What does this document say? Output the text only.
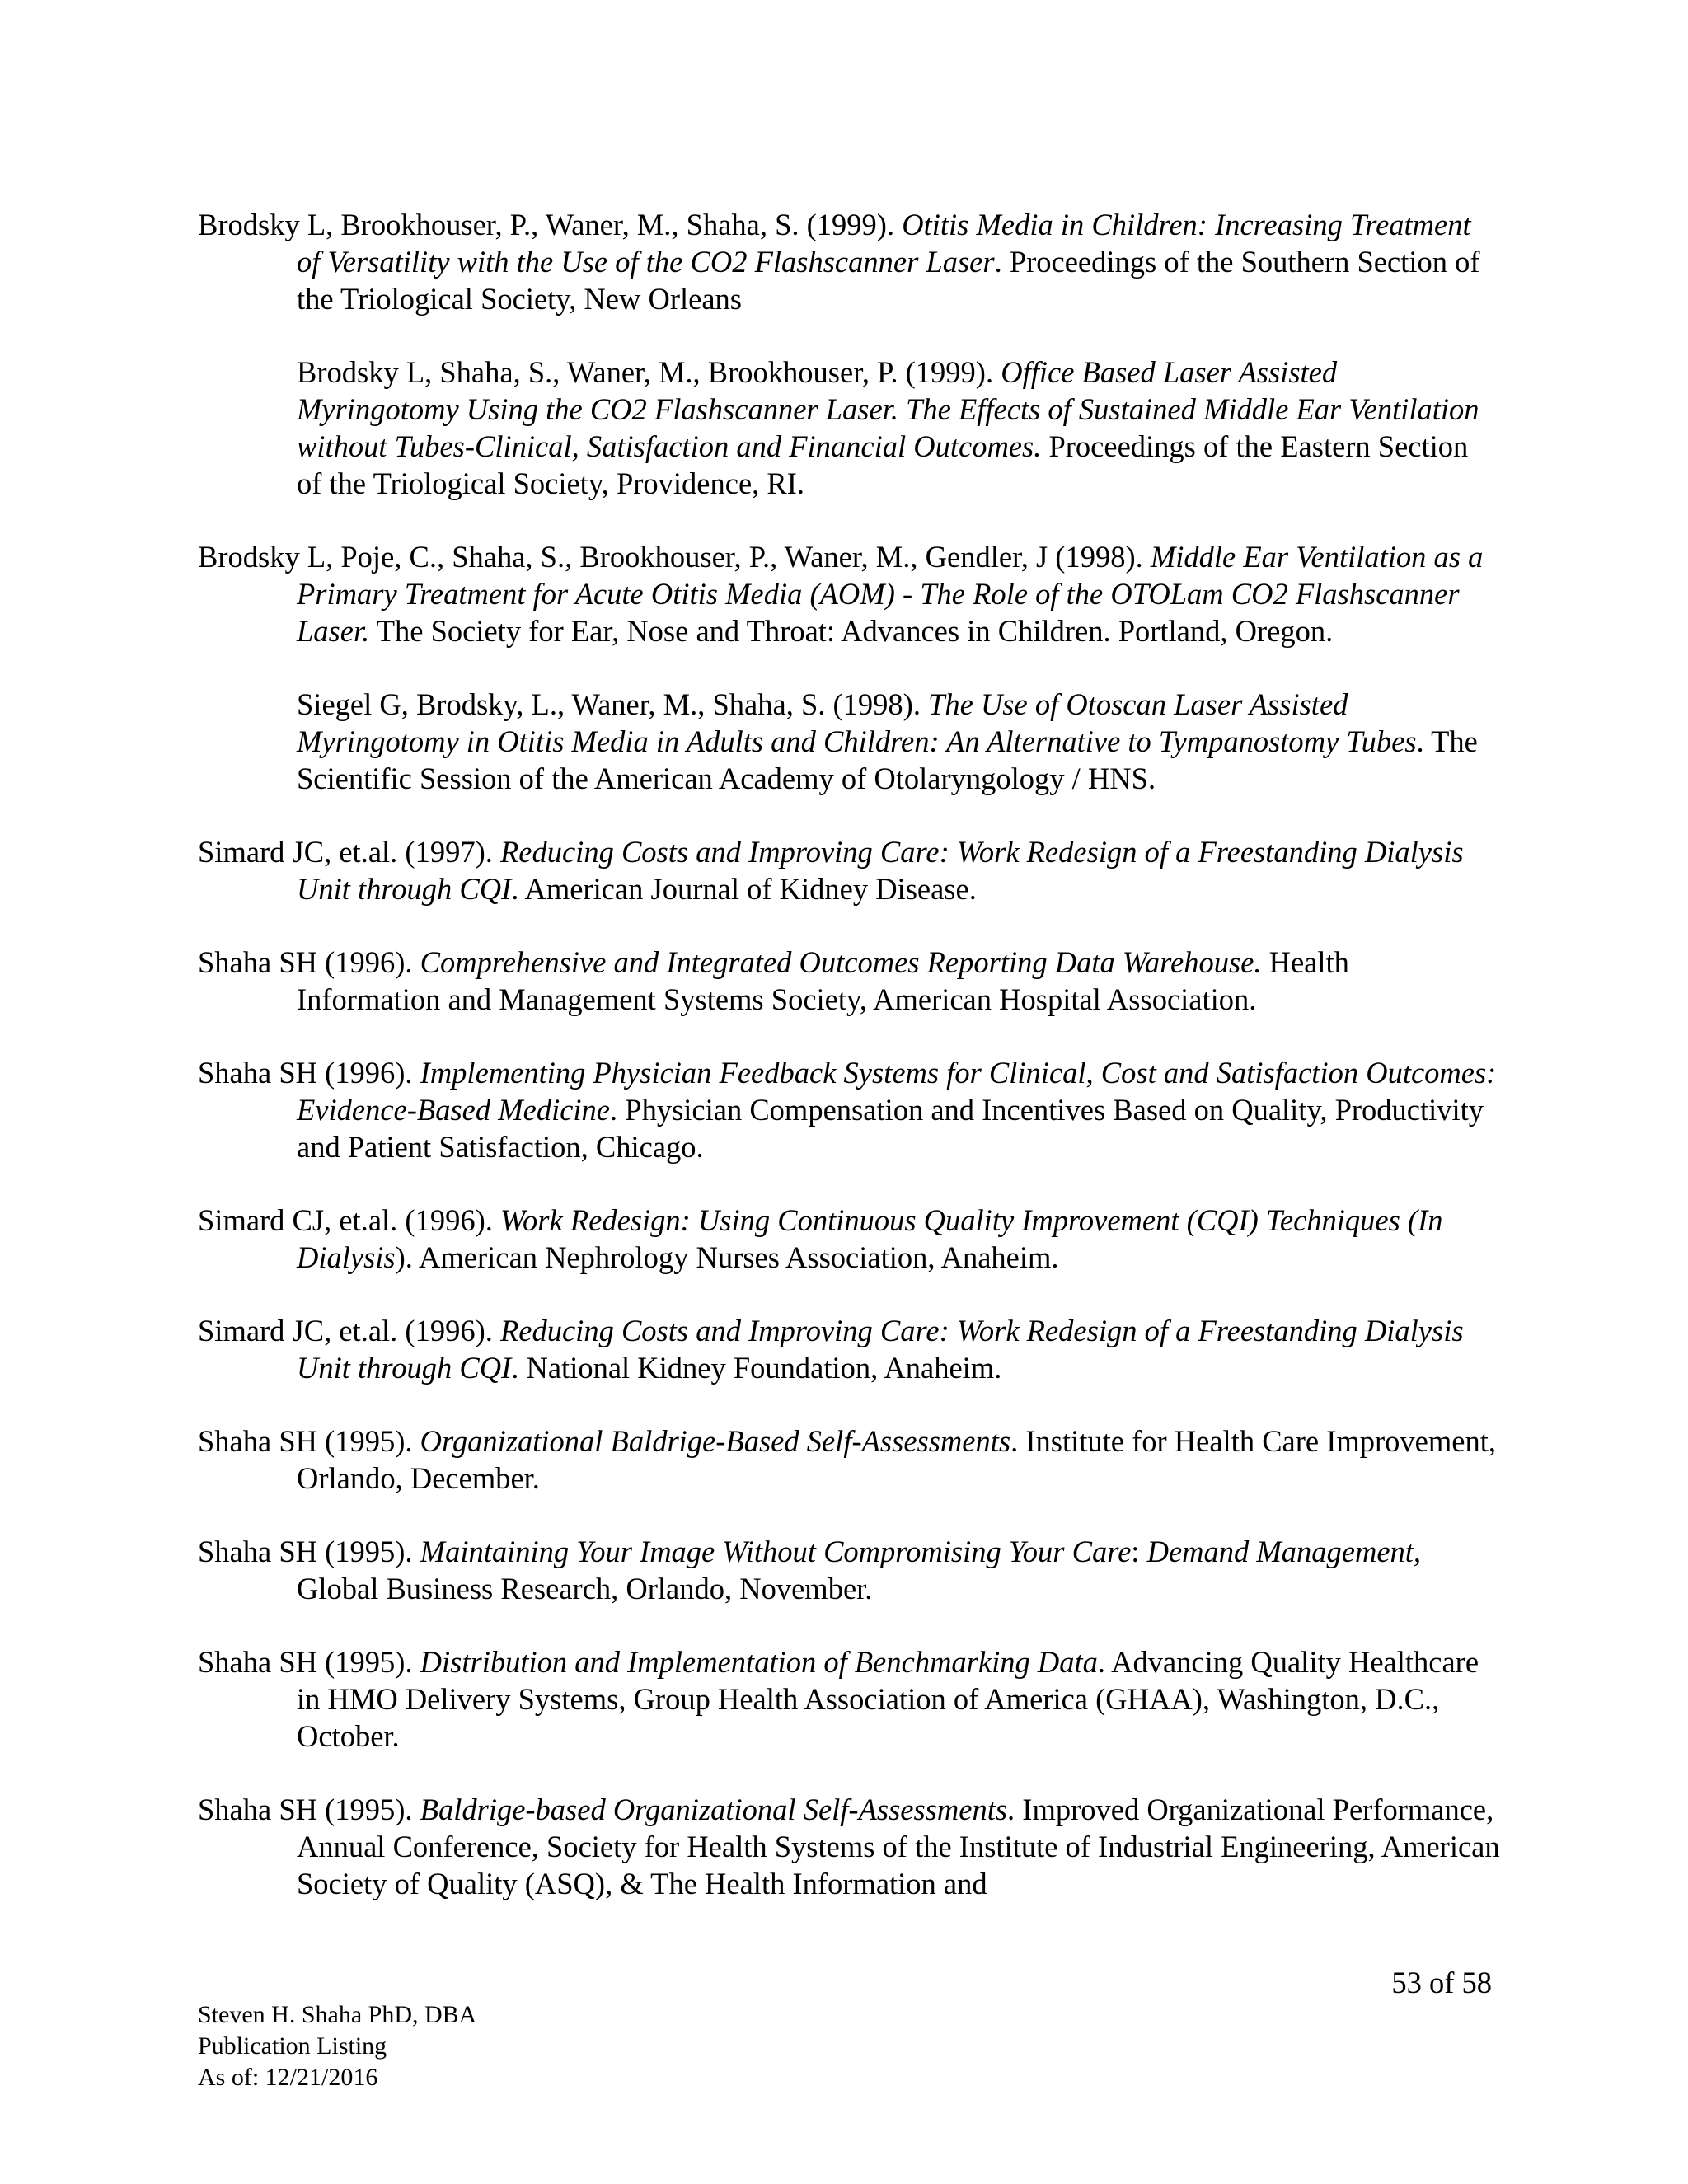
Brodsky L, Brookhouser, P., Waner, M., Shaha, S. (1999). Otitis Media in Children: Increasing Treatment of Versatility with the Use of the CO2 Flashscanner Laser. Proceedings of the Southern Section of the Triological Society, New Orleans

Brodsky L, Shaha, S., Waner, M., Brookhouser, P. (1999). Office Based Laser Assisted Myringotomy Using the CO2 Flashscanner Laser. The Effects of Sustained Middle Ear Ventilation without Tubes-Clinical, Satisfaction and Financial Outcomes. Proceedings of the Eastern Section of the Triological Society, Providence, RI.

Brodsky L, Poje, C., Shaha, S., Brookhouser, P., Waner, M., Gendler, J (1998). Middle Ear Ventilation as a Primary Treatment for Acute Otitis Media (AOM) - The Role of the OTOLam CO2 Flashscanner Laser. The Society for Ear, Nose and Throat: Advances in Children. Portland, Oregon.

Siegel G, Brodsky, L., Waner, M., Shaha, S. (1998). The Use of Otoscan Laser Assisted Myringotomy in Otitis Media in Adults and Children: An Alternative to Tympanostomy Tubes. The Scientific Session of the American Academy of Otolaryngology / HNS.

Simard JC, et.al. (1997). Reducing Costs and Improving Care: Work Redesign of a Freestanding Dialysis Unit through CQI. American Journal of Kidney Disease.

Shaha SH (1996). Comprehensive and Integrated Outcomes Reporting Data Warehouse. Health Information and Management Systems Society, American Hospital Association.

Shaha SH (1996). Implementing Physician Feedback Systems for Clinical, Cost and Satisfaction Outcomes: Evidence-Based Medicine. Physician Compensation and Incentives Based on Quality, Productivity and Patient Satisfaction, Chicago.

Simard CJ, et.al. (1996). Work Redesign: Using Continuous Quality Improvement (CQI) Techniques (In Dialysis). American Nephrology Nurses Association, Anaheim.

Simard JC, et.al. (1996). Reducing Costs and Improving Care: Work Redesign of a Freestanding Dialysis Unit through CQI. National Kidney Foundation, Anaheim.

Shaha SH (1995). Organizational Baldrige-Based Self-Assessments. Institute for Health Care Improvement, Orlando, December.

Shaha SH (1995). Maintaining Your Image Without Compromising Your Care: Demand Management, Global Business Research, Orlando, November.

Shaha SH (1995). Distribution and Implementation of Benchmarking Data. Advancing Quality Healthcare in HMO Delivery Systems, Group Health Association of America (GHAA), Washington, D.C., October.

Shaha SH (1995). Baldrige-based Organizational Self-Assessments. Improved Organizational Performance, Annual Conference, Society for Health Systems of the Institute of Industrial Engineering, American Society of Quality (ASQ), & The Health Information and

53 of 58
Steven H. Shaha PhD, DBA
Publication Listing
As of: 12/21/2016
